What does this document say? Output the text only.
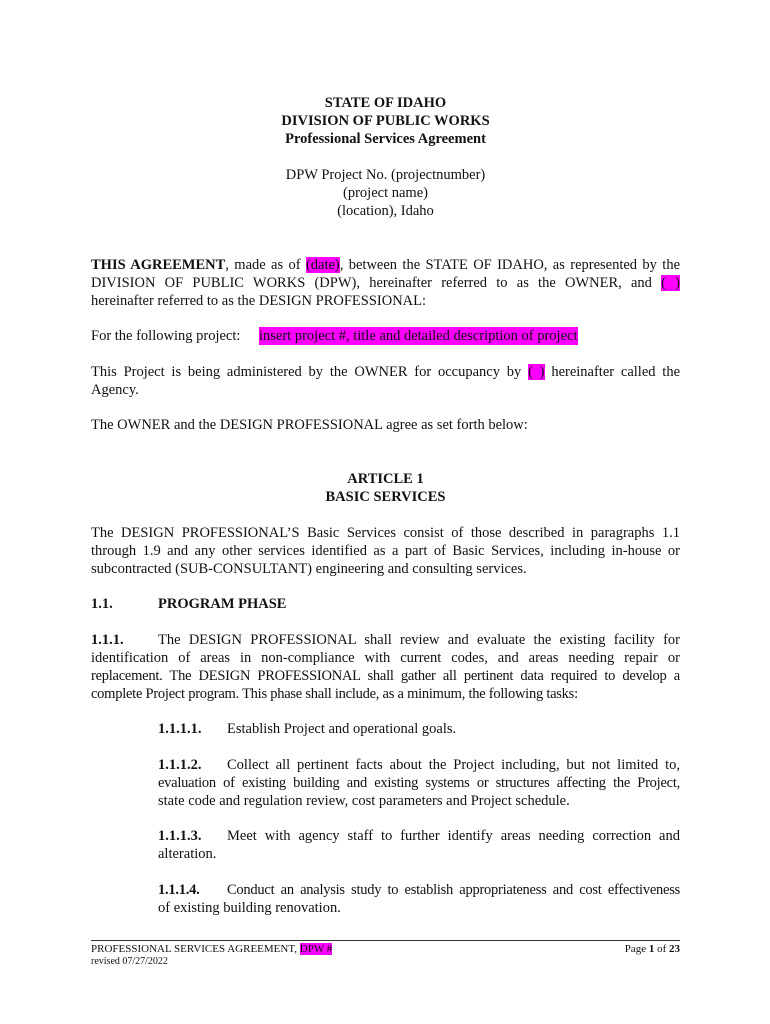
STATE OF IDAHO
DIVISION OF PUBLIC WORKS
Professional Services Agreement
DPW Project No. (projectnumber)
(project name)
(location), Idaho
THIS AGREEMENT, made as of (date), between the STATE OF IDAHO, as represented by the
DIVISION OF PUBLIC WORKS (DPW), hereinafter referred to as the OWNER, and ( )
hereinafter referred to as the DESIGN PROFESSIONAL:
For the following project: insert project #, title and detailed description of project
This Project is being administered by the OWNER for occupancy by ( ) hereinafter called the
Agency.
The OWNER and the DESIGN PROFESSIONAL agree as set forth below:
ARTICLE 1
BASIC SERVICES
The DESIGN PROFESSIONAL’S Basic Services consist of those described in paragraphs 1.1
through 1.9 and any other services identified as a part of Basic Services, including in-house or
subcontracted (SUB-CONSULTANT) engineering and consulting services.
1.1.	PROGRAM PHASE
1.1.1. The DESIGN PROFESSIONAL shall review and evaluate the existing facility for
identification of areas in non-compliance with current codes, and areas needing repair or
replacement. The DESIGN PROFESSIONAL shall gather all pertinent data required to develop a
complete Project program. This phase shall include, as a minimum, the following tasks:
1.1.1.1. Establish Project and operational goals.
1.1.1.2. Collect all pertinent facts about the Project including, but not limited to,
evaluation of existing building and existing systems or structures affecting the Project,
state code and regulation review, cost parameters and Project schedule.
1.1.1.3. Meet with agency staff to further identify areas needing correction and
alteration.
1.1.1.4. Conduct an analysis study to establish appropriateness and cost effectiveness
of existing building renovation.
PROFESSIONAL SERVICES AGREEMENT, DPW #
revised 07/27/2022
Page 1 of 23
